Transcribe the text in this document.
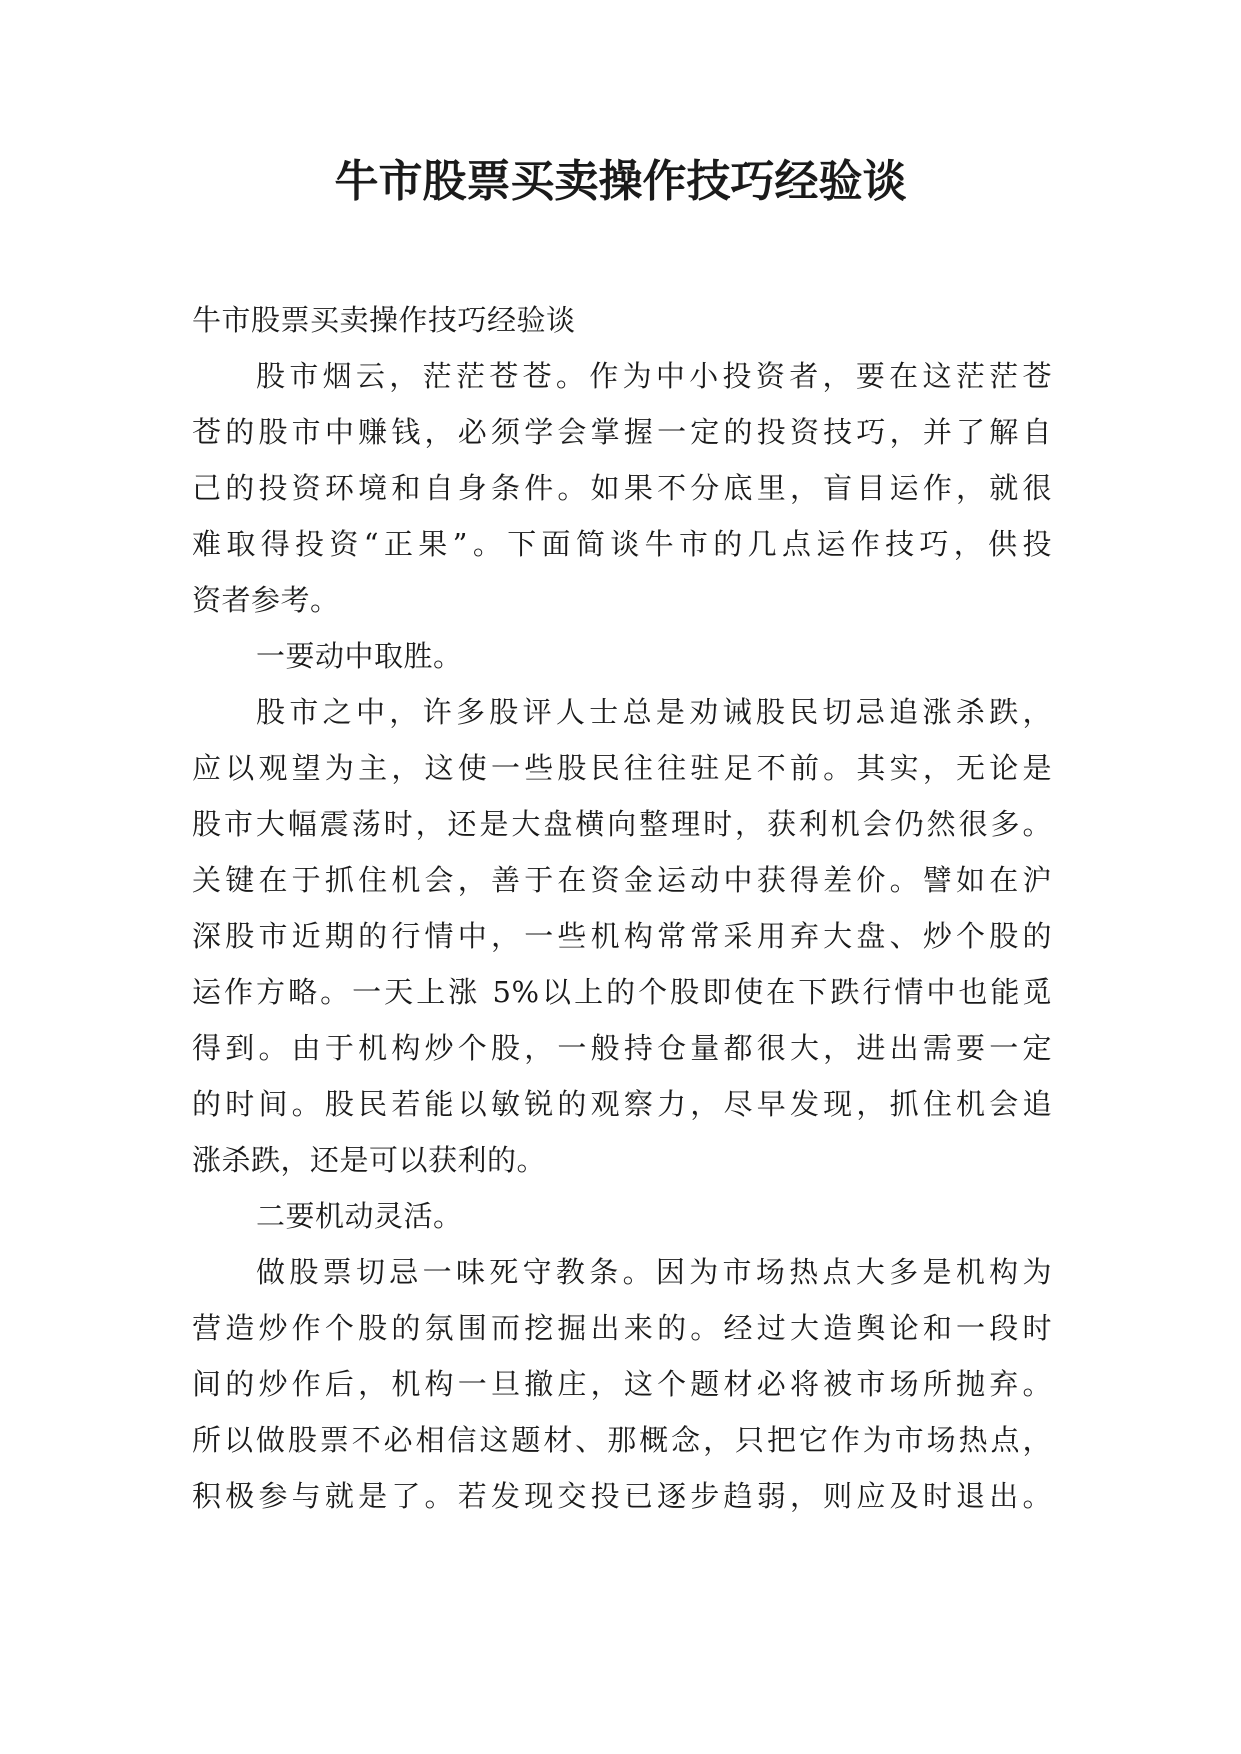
牛市股票买卖操作技巧经验谈
牛市股票买卖操作技巧经验谈
股市烟云，茫茫苍苍。作为中小投资者，要在这茫茫苍
苍的股市中赚钱，必须学会掌握一定的投资技巧，并了解自
己的投资环境和自身条件。如果不分底里，盲目运作，就很
难取得投资“正果”。下面简谈牛市的几点运作技巧，供投
资者参考。
一要动中取胜。
股市之中，许多股评人士总是劝诫股民切忌追涨杀跌，
应以观望为主，这使一些股民往往驻足不前。其实，无论是
股市大幅震荡时，还是大盘横向整理时，获利机会仍然很多。
关键在于抓住机会，善于在资金运动中获得差价。譬如在沪
深股市近期的行情中，一些机构常常采用弃大盘、炒个股的
运作方略。一天上涨 5%以上的个股即使在下跌行情中也能觅
得到。由于机构炒个股，一般持仓量都很大，进出需要一定
的时间。股民若能以敏锐的观察力，尽早发现，抓住机会追
涨杀跌，还是可以获利的。
二要机动灵活。
做股票切忌一味死守教条。因为市场热点大多是机构为
营造炒作个股的氛围而挖掘出来的。经过大造舆论和一段时
间的炒作后，机构一旦撤庄，这个题材必将被市场所抛弃。
所以做股票不必相信这题材、那概念，只把它作为市场热点，
积极参与就是了。若发现交投已逐步趋弱，则应及时退出。
